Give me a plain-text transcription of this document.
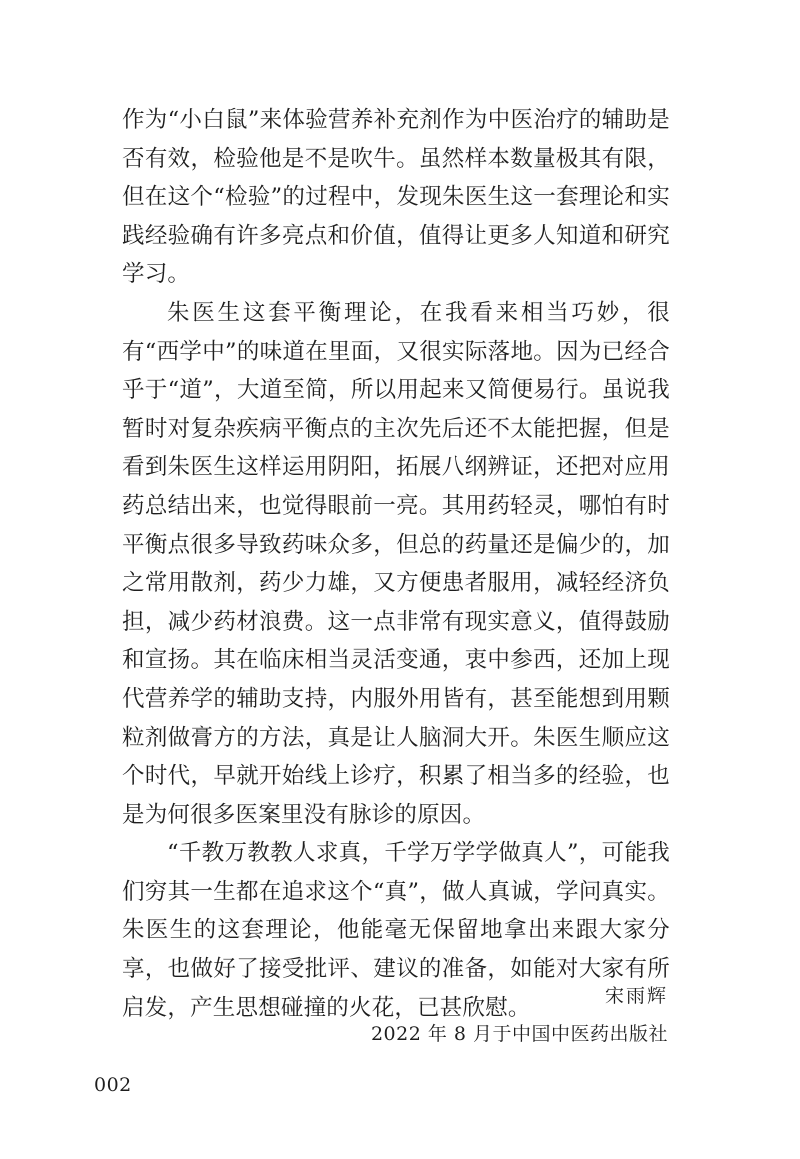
作为“小白鼠”来体验营养补充剂作为中医治疗的辅助是否有效，检验他是不是吹牛。虽然样本数量极其有限，但在这个“检验”的过程中，发现朱医生这一套理论和实践经验确有许多亮点和价值，值得让更多人知道和研究学习。

朱医生这套平衡理论，在我看来相当巧妙，很有“西学中”的味道在里面，又很实际落地。因为已经合乎于“道”，大道至简，所以用起来又简便易行。虽说我暂时对复杂疾病平衡点的主次先后还不太能把握，但是看到朱医生这样运用阴阳，拓展八纲辨证，还把对应用药总结出来，也觉得眼前一亮。其用药轻灵，哪怕有时平衡点很多导致药味众多，但总的药量还是偏少的，加之常用散剂，药少力雄，又方便患者服用，减轻经济负担，减少药材浪费。这一点非常有现实意义，值得鼓励和宣扬。其在临床相当灵活变通，衷中参西，还加上现代营养学的辅助支持，内服外用皆有，甚至能想到用颗粒剂做膏方的方法，真是让人脑洞大开。朱医生顺应这个时代，早就开始线上诊疗，积累了相当多的经验，也是为何很多医案里没有脉诊的原因。

“千教万教教人求真，千学万学学做真人”，可能我们穷其一生都在追求这个“真”，做人真诚，学问真实。朱医生的这套理论，他能毫无保留地拿出来跟大家分享，也做好了接受批评、建议的准备，如能对大家有所启发，产生思想碰撞的火花，已甚欣慰。	宋雨辉
2022 年 8 月于中国中医药出版社
002
